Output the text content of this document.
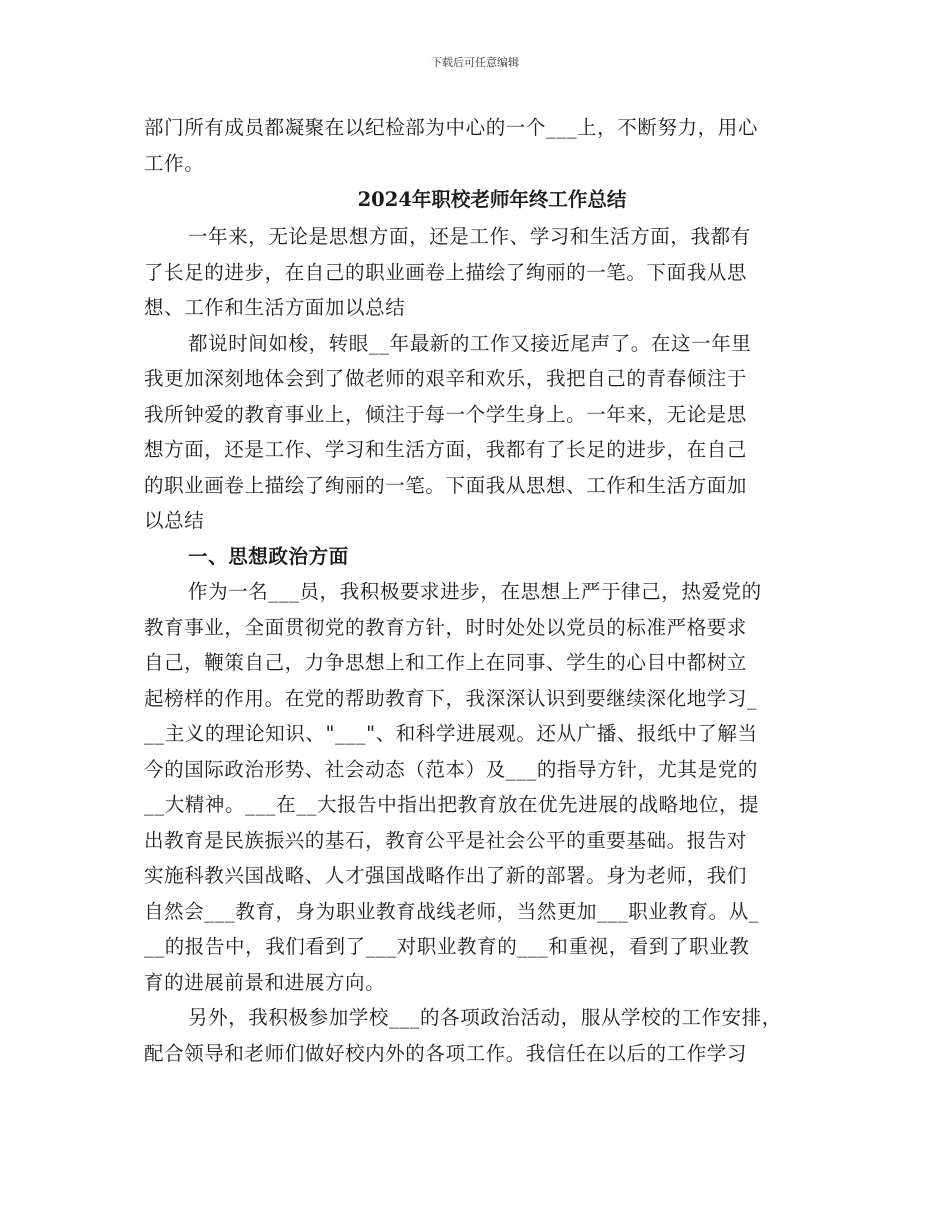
下载后可任意编辑
部门所有成员都凝聚在以纪检部为中心的一个___上，不断努力，用心
工作。
2024年职校老师年终工作总结
一年来，无论是思想方面，还是工作、学习和生活方面，我都有
了长足的进步，在自己的职业画卷上描绘了绚丽的一笔。下面我从思
想、工作和生活方面加以总结
都说时间如梭，转眼__年最新的工作又接近尾声了。在这一年里
我更加深刻地体会到了做老师的艰辛和欢乐，我把自己的青春倾注于
我所钟爱的教育事业上，倾注于每一个学生身上。一年来，无论是思
想方面，还是工作、学习和生活方面，我都有了长足的进步，在自己
的职业画卷上描绘了绚丽的一笔。下面我从思想、工作和生活方面加
以总结
一、思想政治方面
作为一名___员，我积极要求进步，在思想上严于律己，热爱党的
教育事业，全面贯彻党的教育方针，时时处处以党员的标准严格要求
自己，鞭策自己，力争思想上和工作上在同事、学生的心目中都树立
起榜样的作用。在党的帮助教育下，我深深认识到要继续深化地学习_
__主义的理论知识、"___"、和科学进展观。还从广播、报纸中了解当
今的国际政治形势、社会动态（范本）及___的指导方针，尤其是党的
__大精神。___在__大报告中指出把教育放在优先进展的战略地位，提
出教育是民族振兴的基石，教育公平是社会公平的重要基础。报告对
实施科教兴国战略、人才强国战略作出了新的部署。身为老师，我们
自然会___教育，身为职业教育战线老师，当然更加___职业教育。从_
__的报告中，我们看到了___对职业教育的___和重视，看到了职业教
育的进展前景和进展方向。
另外，我积极参加学校___的各项政治活动，服从学校的工作安排，
配合领导和老师们做好校内外的各项工作。我信任在以后的工作学习
